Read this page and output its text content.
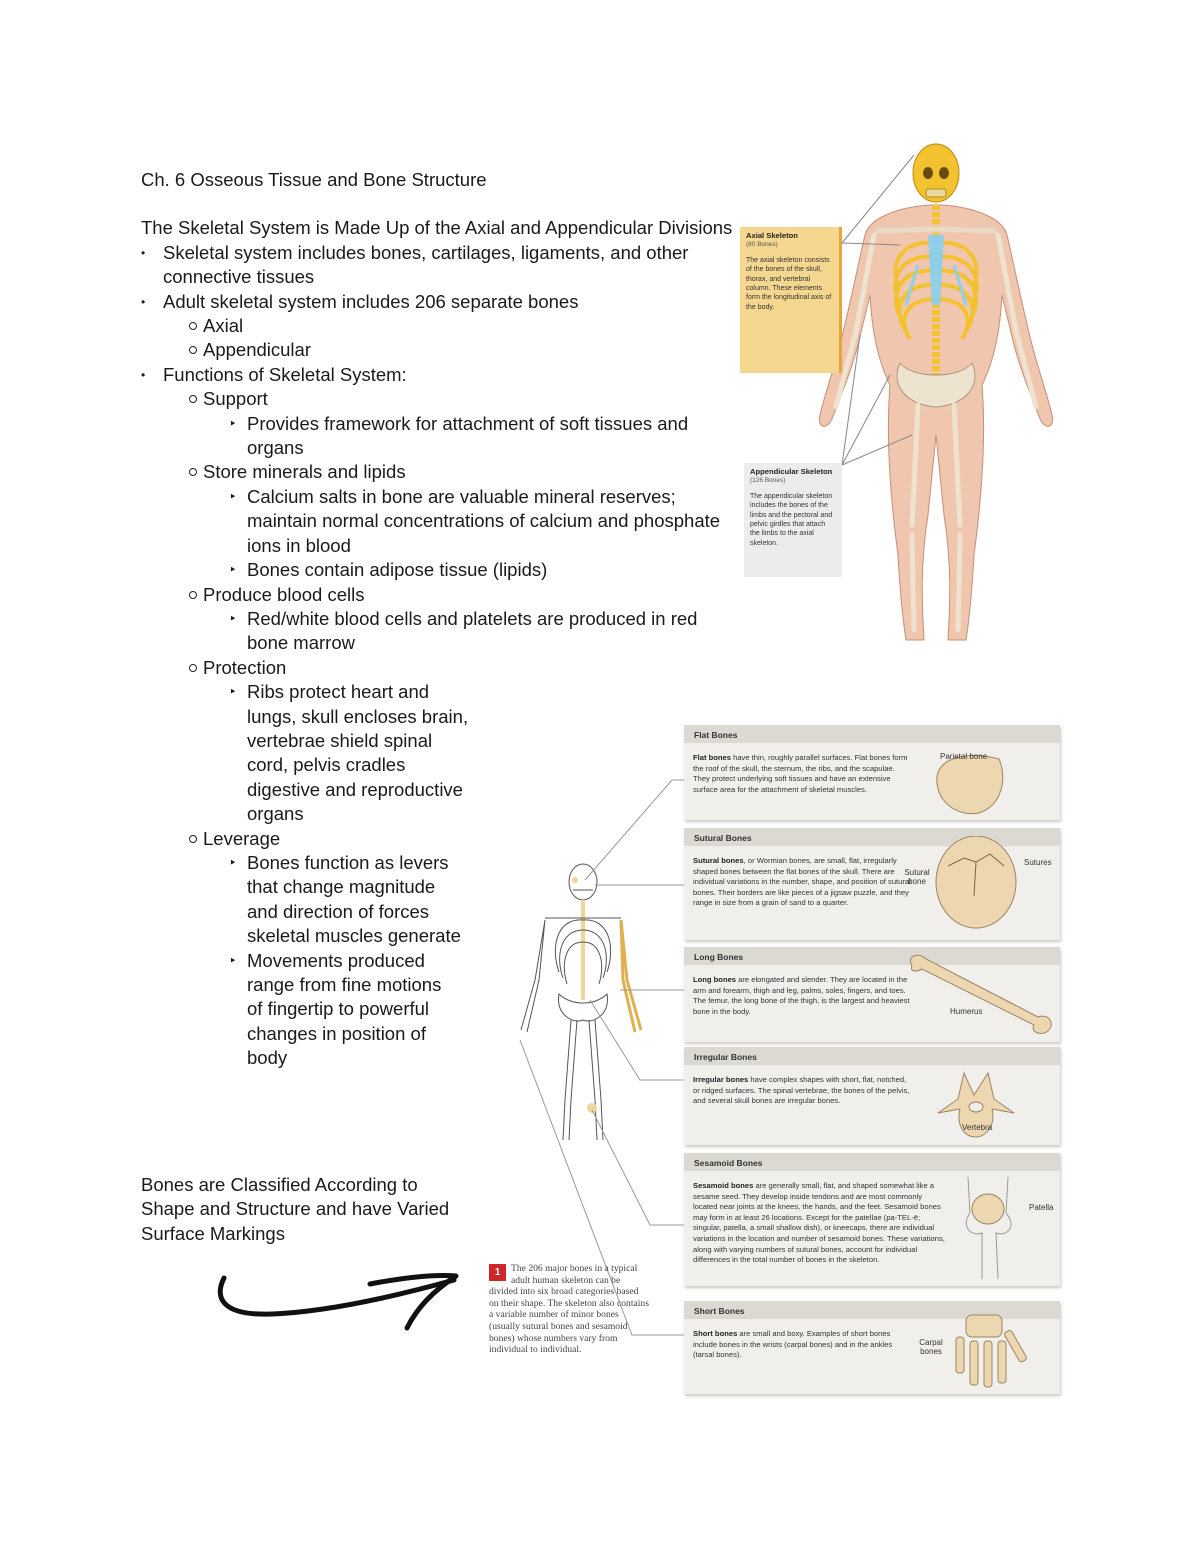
Ch. 6 Osseous Tissue and Bone Structure

The Skeletal System is Made Up of the Axial and Appendicular Divisions

• Skeletal system includes bones, cartilages, ligaments, and other connective tissues
• Adult skeletal system includes 206 separate bones
Axial
Appendicular
• Functions of Skeletal System:
Support
‣ Provides framework for attachment of soft tissues and organs
Store minerals and lipids
‣ Calcium salts in bone are valuable mineral reserves; maintain normal concentrations of calcium and phosphate ions in blood
‣ Bones contain adipose tissue (lipids)
Produce blood cells
‣ Red/white blood cells and platelets are produced in red bone marrow
Protection
‣ Ribs protect heart and lungs, skull encloses brain, vertebrae shield spinal cord, pelvis cradles digestive and reproductive organs
Leverage
‣ Bones function as levers that change magnitude and direction of forces skeletal muscles generate
‣ Movements produced range from fine motions of fingertip to powerful changes in position of body

Bones are Classified According to Shape and Structure and have Varied Surface Markings

Axial Skeleton
(80 Bones)
The axial skeleton consists of the bones of the skull, thorax, and vertebral column. These elements form the longitudinal axis of the body.
Appendicular Skeleton
(126 Bones)
The appendicular skeleton includes the bones of the limbs and the pectoral and pelvic girdles that attach the limbs to the axial skeleton.
Flat Bones
Flat bones have thin, roughly parallel surfaces. Flat bones form the roof of the skull, the sternum, the ribs, and the scapulae. They protect underlying soft tissues and have an extensive surface area for the attachment of skeletal muscles.
Parietal bone
Sutural Bones
Sutural bones, or Wormian bones, are small, flat, irregularly shaped bones between the flat bones of the skull. There are individual variations in the number, shape, and position of sutural bones. Their borders are like pieces of a jigsaw puzzle, and they range in size from a grain of sand to a quarter.
Sutural bone
Sutures
Long Bones
Long bones are elongated and slender. They are located in the arm and forearm, thigh and leg, palms, soles, fingers, and toes. The femur, the long bone of the thigh, is the largest and heaviest bone in the body.	Humerus
Irregular Bones
Irregular bones have complex shapes with short, flat, notched, or ridged surfaces. The spinal vertebrae, the bones of the pelvis, and several skull bones are irregular bones.
Vertebra
Sesamoid Bones
Sesamoid bones are generally small, flat, and shaped somewhat like a sesame seed. They develop inside tendons and are most commonly located near joints at the knees, the hands, and the feet. Sesamoid bones may form in at least 26 locations. Except for the patellae (pa-TEL-ē; singular, patella, a small shallow dish), or kneecaps, there are individual variations in the location and number of sesamoid bones. These variations, along with varying numbers of sutural bones, account for individual differences in the total number of bones in the skeleton.
Patella
Short Bones
Short bones are small and boxy. Examples of short bones include bones in the wrists (carpal bones) and in the ankles (tarsal bones).
Carpal bones
1	The 206 major bones in a typical adult human skeleton can be divided into six broad categories based on their shape. The skeleton also contains a variable number of minor bones (usually sutural bones and sesamoid bones) whose numbers vary from individual to individual.
